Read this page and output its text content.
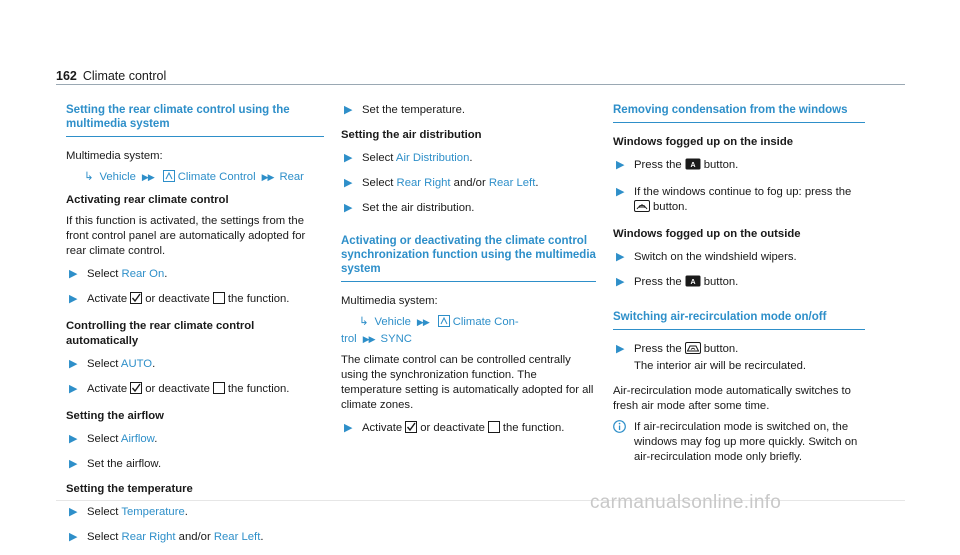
162 Climate control
Setting the rear climate control using the multimedia system

Multimedia system:

↳ Vehicle ▶▶ Climate Control ▶▶ Rear
Activating rear climate control

If this function is activated, the settings from the front control panel are automatically adopted for rear climate control.

▶ Select Rear On.
▶ Activate or deactivate the function.
Controlling the rear climate control automatically
▶ Select AUTO.
▶ Activate or deactivate the function.
Setting the airflow
▶ Select Airflow.
▶ Set the airflow.
Setting the temperature
▶ Select Temperature.
▶ Select Rear Right and/or Rear Left.
▶ Set the temperature.
Setting the air distribution
▶ Select Air Distribution.
▶ Select Rear Right and/or Rear Left.
▶ Set the air distribution.
Activating or deactivating the climate control synchronization function using the multimedia system

Multimedia system:

↳ Vehicle ▶▶ Climate Con-
trol ▶▶ SYNC

The climate control can be controlled centrally using the synchronization function. The temperature setting is automatically adopted for all climate zones.

▶ Activate or deactivate the function.
Removing condensation from the windows
Windows fogged up on the inside
▶ Press the A button.
▶ If the windows continue to fog up: press the
button.
Windows fogged up on the outside
▶ Switch on the windshield wipers.
▶ Press the A button.
Switching air-recirculation mode on/off
▶ Press the button.
The interior air will be recirculated.

Air-recirculation mode automatically switches to fresh air mode after some time.

If air-recirculation mode is switched on, the windows may fog up more quickly. Switch on air-recirculation mode only briefly.
carmanualsonline.info
